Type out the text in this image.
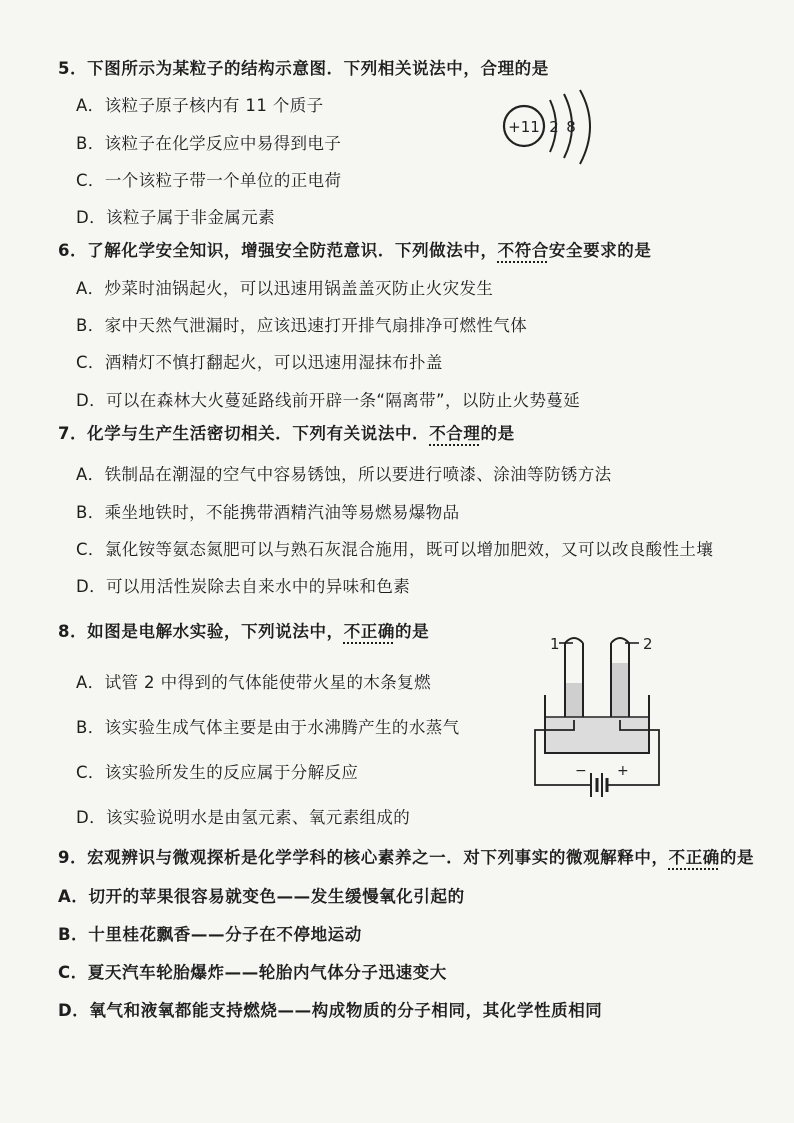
5．下图所示为某粒子的结构示意图．下列相关说法中，合理的是
A．该粒子原子核内有 11 个质子
B．该粒子在化学反应中易得到电子
C．一个该粒子带一个单位的正电荷
D．该粒子属于非金属元素
+11 2 8
6．了解化学安全知识，增强安全防范意识．下列做法中，不符合安全要求的是
A．炒菜时油锅起火，可以迅速用锅盖盖灭防止火灾发生
B．家中天然气泄漏时，应该迅速打开排气扇排净可燃性气体
C．酒精灯不慎打翻起火，可以迅速用湿抹布扑盖
D．可以在森林大火蔓延路线前开辟一条“隔离带”，以防止火势蔓延
7．化学与生产生活密切相关．下列有关说法中．不合理的是
A．铁制品在潮湿的空气中容易锈蚀，所以要进行喷漆、涂油等防锈方法
B．乘坐地铁时，不能携带酒精汽油等易燃易爆物品
C．氯化铵等氨态氮肥可以与熟石灰混合施用，既可以增加肥效，又可以改良酸性土壤
D．可以用活性炭除去自来水中的异味和色素
8．如图是电解水实验，下列说法中，不正确的是
A．试管 2 中得到的气体能使带火星的木条复燃
B．该实验生成气体主要是由于水沸腾产生的水蒸气
C．该实验所发生的反应属于分解反应
D．该实验说明水是由氢元素、氧元素组成的
1	2
− +
9．宏观辨识与微观探析是化学学科的核心素养之一．对下列事实的微观解释中，不正确的是
A．切开的苹果很容易就变色——发生缓慢氧化引起的
B．十里桂花飘香——分子在不停地运动
C．夏天汽车轮胎爆炸——轮胎内气体分子迅速变大
D．氧气和液氧都能支持燃烧——构成物质的分子相同，其化学性质相同
